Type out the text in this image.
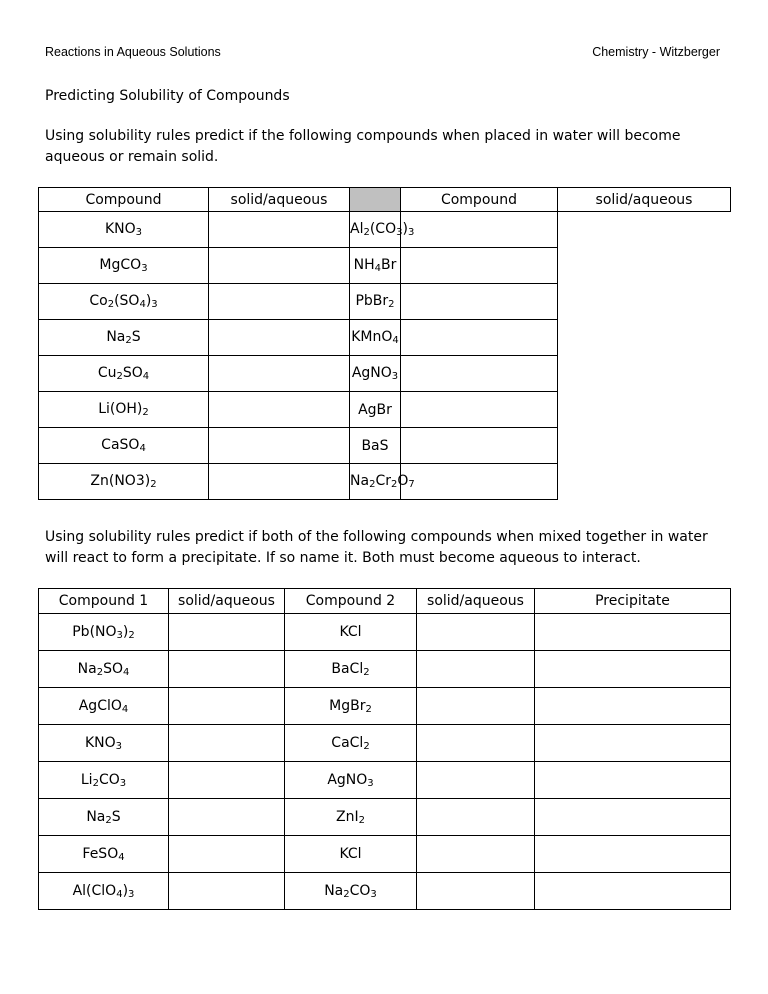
Reactions in Aqueous Solutions	Chemistry - Witzberger
Predicting Solubility of Compounds
Using solubility rules predict if the following compounds when placed in water will become aqueous or remain solid.
Compound	solid/aqueous		Compound	solid/aqueous
KNO3		Al2(CO3)3		
MgCO3		NH4Br		
Co2(SO4)3		PbBr2		
Na2S		KMnO4		
Cu2SO4		AgNO3		
Li(OH)2		AgBr		
CaSO4		BaS		
Zn(NO3)2		Na2Cr2O7		
Using solubility rules predict if both of the following compounds when mixed together in water will react to form a precipitate. If so name it. Both must become aqueous to interact.
Compound 1	solid/aqueous	Compound 2	solid/aqueous	Precipitate
Pb(NO3)2		KCl		
Na2SO4		BaCl2		
AgClO4		MgBr2		
KNO3		CaCl2		
Li2CO3		AgNO3		
Na2S		ZnI2		
FeSO4		KCl		
Al(ClO4)3		Na2CO3		
